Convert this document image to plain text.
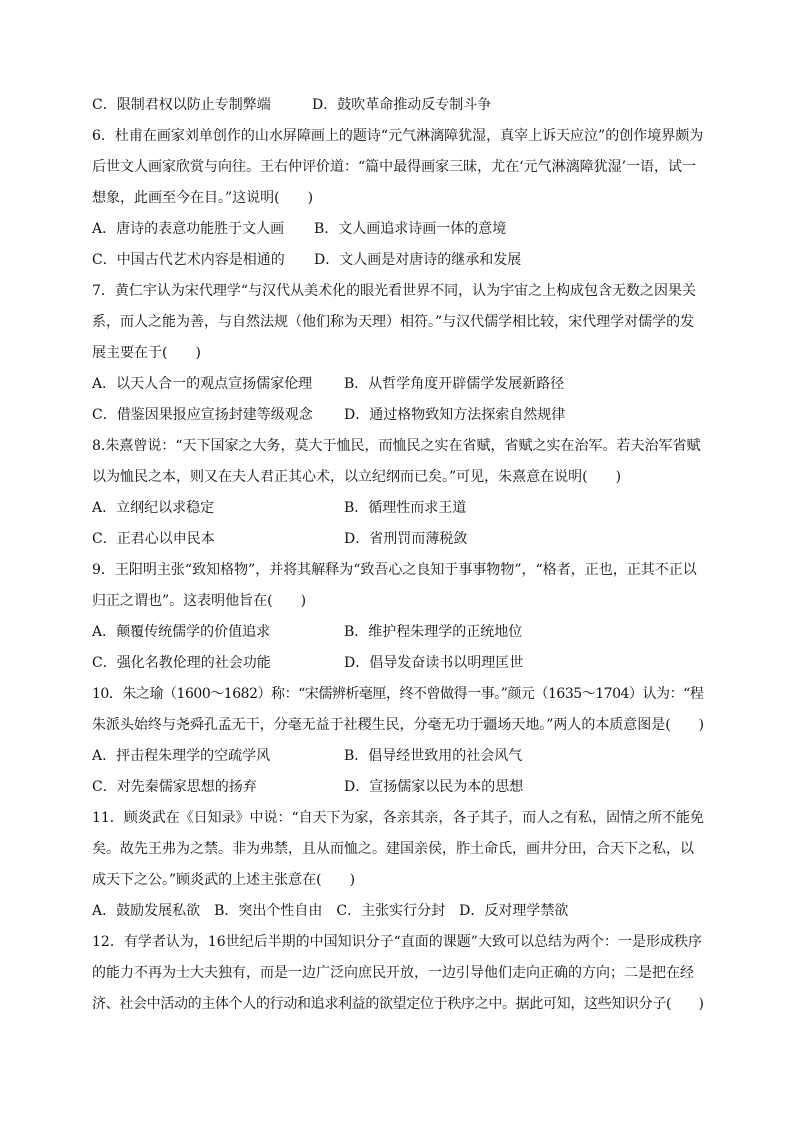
C．限制君权以防止专制弊端	D．鼓吹革命推动反专制斗争
6．杜甫在画家刘单创作的山水屏障画上的题诗“元气淋漓障犹湿，真宰上诉天应泣”的创作境界颇为
后世文人画家欣赏与向往。王右仲评价道：“篇中最得画家三昧，尤在‘元气淋漓障犹湿’一语，试一
想象，此画至今在目。”这说明(　　)
A．唐诗的表意功能胜于文人画 B．文人画追求诗画一体的意境
C．中国古代艺术内容是相通的 D．文人画是对唐诗的继承和发展
7．黄仁宇认为宋代理学“与汉代从美术化的眼光看世界不同，认为宇宙之上构成包含无数之因果关
系，而人之能为善，与自然法规（他们称为天理）相符。”与汉代儒学相比较，宋代理学对儒学的发
展主要在于(　　)
A．以天人合一的观点宣扬儒家伦理 B．从哲学角度开辟儒学发展新路径
C．借鉴因果报应宣扬封建等级观念 D．通过格物致知方法探索自然规律
8.朱熹曾说：“天下国家之大务，莫大于恤民，而恤民之实在省赋，省赋之实在治军。若夫治军省赋
以为恤民之本，则又在夫人君正其心术，以立纪纲而已矣。”可见，朱熹意在说明(　　)
A．立纲纪以求稳定	B．循理性而求王道
C．正君心以申民本	D．省刑罚而薄税敛
9．王阳明主张“致知格物”，并将其解释为“致吾心之良知于事事物物”，“格者，正也，正其不正以
归正之谓也”。这表明他旨在(　　)
A．颠覆传统儒学的价值追求	B．维护程朱理学的正统地位
C．强化名教伦理的社会功能	D．倡导发奋读书以明理匡世
10．朱之瑜（1600～1682）称：“宋儒辨析毫厘，终不曾做得一事。”颜元（1635～1704）认为：“程
朱派头始终与尧舜孔孟无干，分毫无益于社稷生民，分毫无功于疆场天地。”两人的本质意图是(　　)
A．抨击程朱理学的空疏学风	B．倡导经世致用的社会风气
C．对先秦儒家思想的扬弃	D．宣扬儒家以民为本的思想
11．顾炎武在《日知录》中说：“自天下为家，各亲其亲，各子其子，而人之有私，固情之所不能免
矣。故先王弗为之禁。非为弗禁，且从而恤之。建国亲侯，胙土命氏，画井分田，合天下之私，以
成天下之公。”顾炎武的上述主张意在(　　)
A．鼓励发展私欲　B．突出个性自由　C．主张实行分封　D．反对理学禁欲
12．有学者认为，16世纪后半期的中国知识分子“直面的课题”大致可以总结为两个：一是形成秩序
的能力不再为士大夫独有，而是一边广泛向庶民开放，一边引导他们走向正确的方向；二是把在经
济、社会中活动的主体个人的行动和追求利益的欲望定位于秩序之中。据此可知，这些知识分子(　　)
